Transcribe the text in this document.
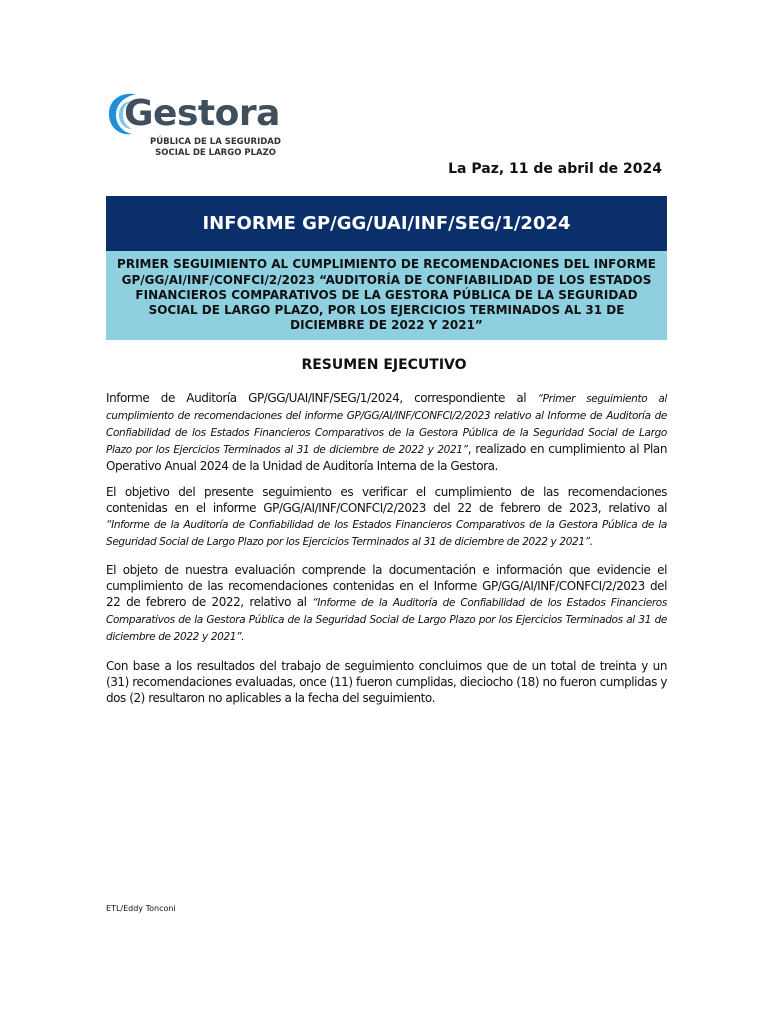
Gestora
PÚBLICA DE LA SEGURIDAD
SOCIAL DE LARGO PLAZO
La Paz, 11 de abril de 2024
INFORME GP/GG/UAI/INF/SEG/1/2024
PRIMER SEGUIMIENTO AL CUMPLIMIENTO DE RECOMENDACIONES DEL INFORME GP/GG/AI/INF/CONFCI/2/2023 “AUDITORÍA DE CONFIABILIDAD DE LOS ESTADOS FINANCIEROS COMPARATIVOS DE LA GESTORA PÚBLICA DE LA SEGURIDAD SOCIAL DE LARGO PLAZO, POR LOS EJERCICIOS TERMINADOS AL 31 DE DICIEMBRE DE 2022 Y 2021”
RESUMEN EJECUTIVO
Informe de Auditoría GP/GG/UAI/INF/SEG/1/2024, correspondiente al “Primer seguimiento al cumplimiento de recomendaciones del informe GP/GG/AI/INF/CONFCI/2/2023 relativo al Informe de Auditoría de Confiabilidad de los Estados Financieros Comparativos de la Gestora Pública de la Seguridad Social de Largo Plazo por los Ejercicios Terminados al 31 de diciembre de 2022 y 2021”, realizado en cumplimiento al Plan Operativo Anual 2024 de la Unidad de Auditoría Interna de la Gestora.
El objetivo del presente seguimiento es verificar el cumplimiento de las recomendaciones contenidas en el informe GP/GG/AI/INF/CONFCI/2/2023 del 22 de febrero de 2023, relativo al “Informe de la Auditoría de Confiabilidad de los Estados Financieros Comparativos de la Gestora Pública de la Seguridad Social de Largo Plazo por los Ejercicios Terminados al 31 de diciembre de 2022 y 2021”.
El objeto de nuestra evaluación comprende la documentación e información que evidencie el cumplimiento de las recomendaciones contenidas en el Informe GP/GG/AI/INF/CONFCI/2/2023 del 22 de febrero de 2022, relativo al “Informe de la Auditoría de Confiabilidad de los Estados Financieros Comparativos de la Gestora Pública de la Seguridad Social de Largo Plazo por los Ejercicios Terminados al 31 de diciembre de 2022 y 2021”.
Con base a los resultados del trabajo de seguimiento concluimos que de un total de treinta y un (31) recomendaciones evaluadas, once (11) fueron cumplidas, dieciocho (18) no fueron cumplidas y dos (2) resultaron no aplicables a la fecha del seguimiento.
ETL/Eddy Tonconi
